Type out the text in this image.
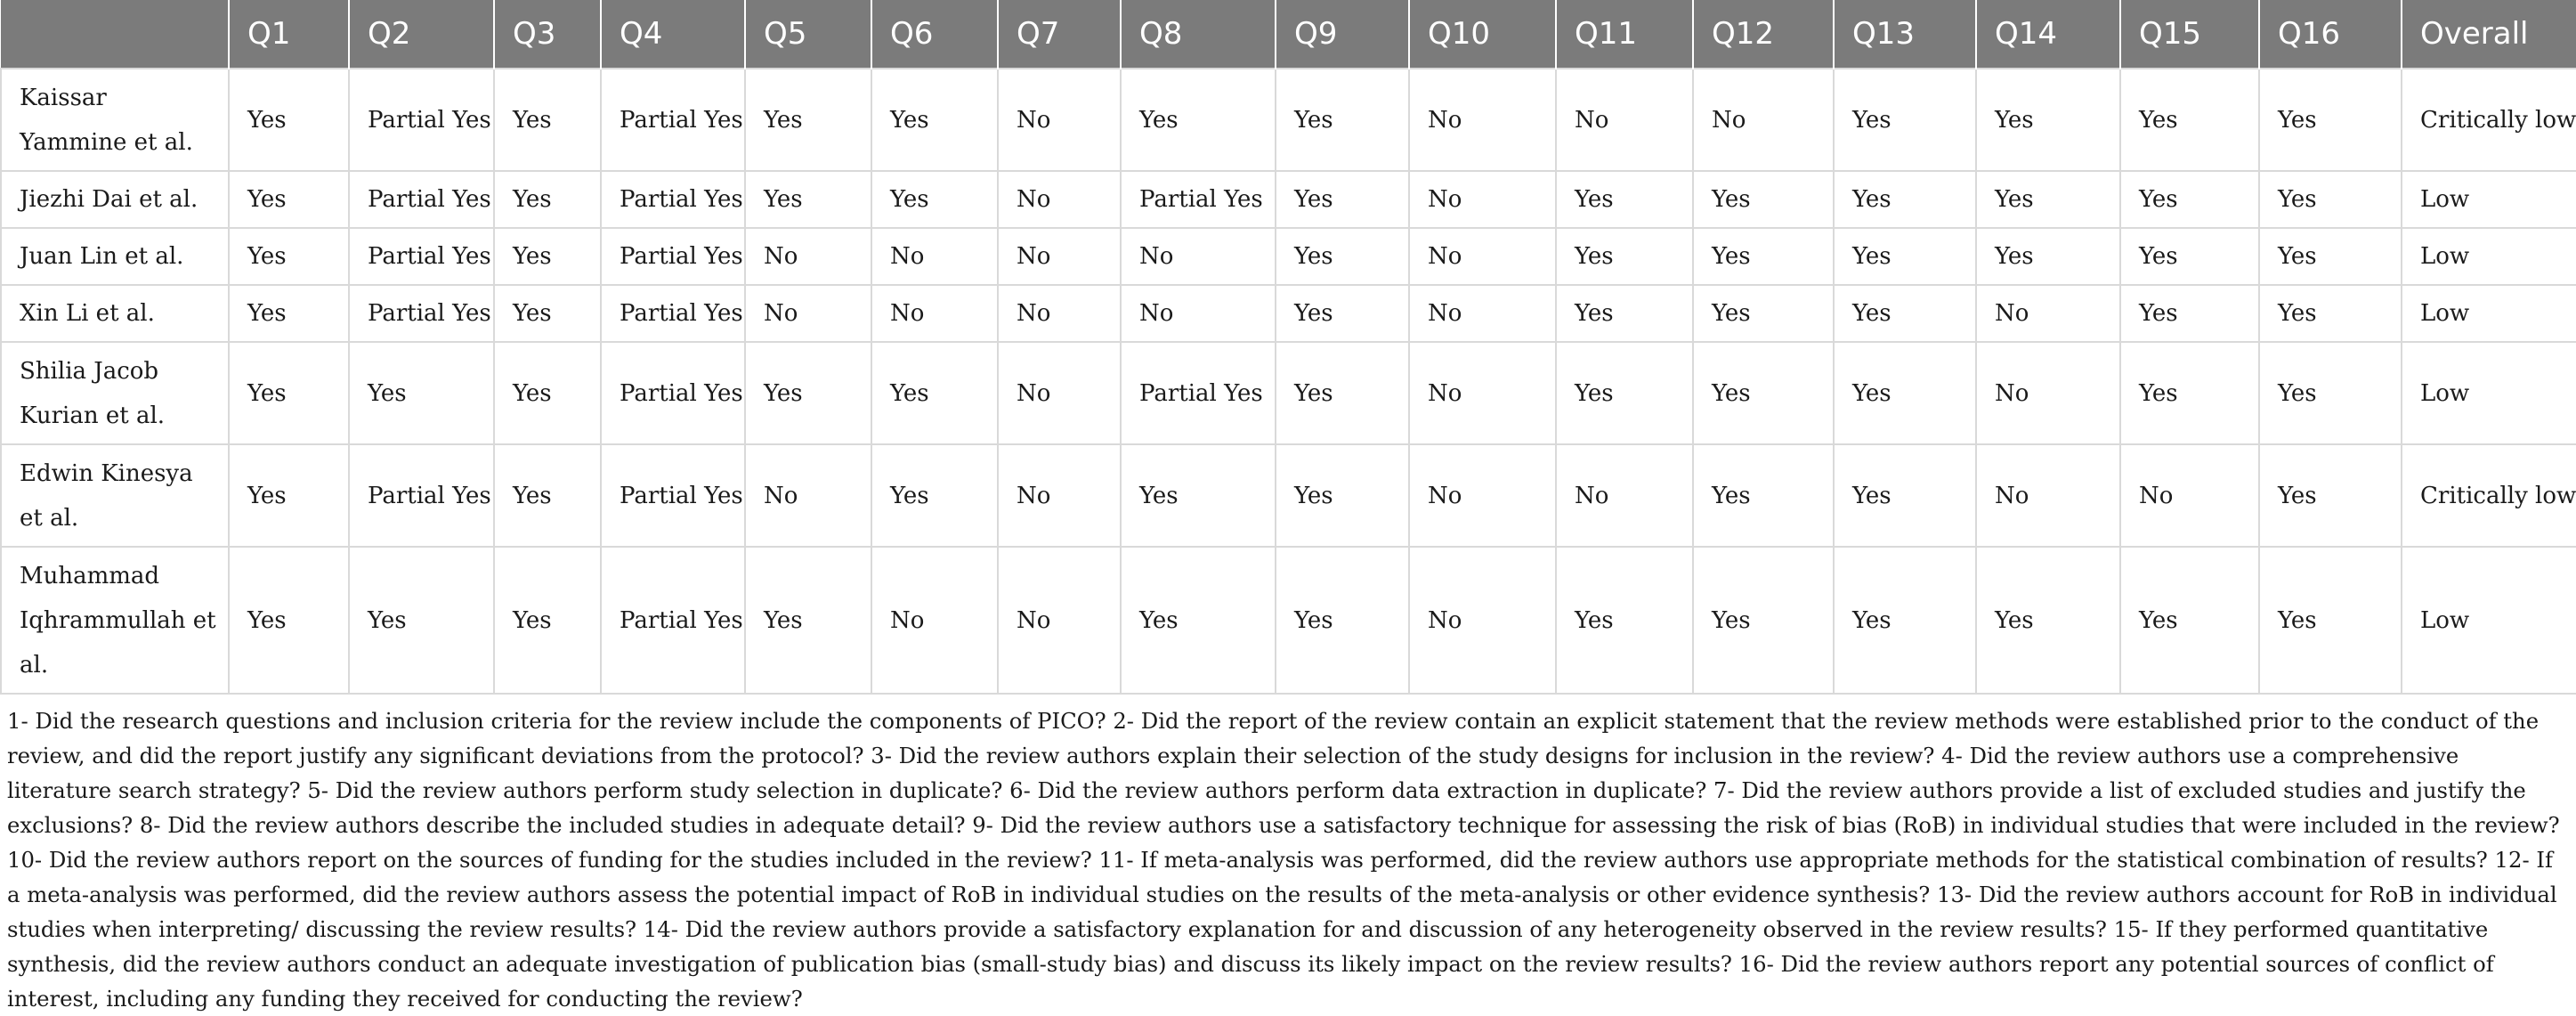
	Q1	Q2	Q3	Q4	Q5	Q6	Q7	Q8	Q9	Q10	Q11	Q12	Q13	Q14	Q15	Q16	Overall
Kaissar Yammine et al.	Yes	Partial Yes	Yes	Partial Yes	Yes	Yes	No	Yes	Yes	No	No	No	Yes	Yes	Yes	Yes	Critically low
Jiezhi Dai et al.	Yes	Partial Yes	Yes	Partial Yes	Yes	Yes	No	Partial Yes	Yes	No	Yes	Yes	Yes	Yes	Yes	Yes	Low
Juan Lin et al.	Yes	Partial Yes	Yes	Partial Yes	No	No	No	No	Yes	No	Yes	Yes	Yes	Yes	Yes	Yes	Low
Xin Li et al.	Yes	Partial Yes	Yes	Partial Yes	No	No	No	No	Yes	No	Yes	Yes	Yes	No	Yes	Yes	Low
Shilia Jacob Kurian et al.	Yes	Yes	Yes	Partial Yes	Yes	Yes	No	Partial Yes	Yes	No	Yes	Yes	Yes	No	Yes	Yes	Low
Edwin Kinesya et al.	Yes	Partial Yes	Yes	Partial Yes	No	Yes	No	Yes	Yes	No	No	Yes	Yes	No	No	Yes	Critically low
Muhammad Iqhrammullah et al.	Yes	Yes	Yes	Partial Yes	Yes	No	No	Yes	Yes	No	Yes	Yes	Yes	Yes	Yes	Yes	Low

1- Did the research questions and inclusion criteria for the review include the components of PICO? 2- Did the report of the review contain an explicit statement that the review methods were established prior to the conduct of the review, and did the report justify any significant deviations from the protocol? 3- Did the review authors explain their selection of the study designs for inclusion in the review? 4- Did the review authors use a comprehensive literature search strategy? 5- Did the review authors perform study selection in duplicate? 6- Did the review authors perform data extraction in duplicate? 7- Did the review authors provide a list of excluded studies and justify the exclusions? 8- Did the review authors describe the included studies in adequate detail? 9- Did the review authors use a satisfactory technique for assessing the risk of bias (RoB) in individual studies that were included in the review? 10- Did the review authors report on the sources of funding for the studies included in the review? 11- If meta-analysis was performed, did the review authors use appropriate methods for the statistical combination of results? 12- If a meta-analysis was performed, did the review authors assess the potential impact of RoB in individual studies on the results of the meta-analysis or other evidence synthesis? 13- Did the review authors account for RoB in individual studies when interpreting/ discussing the review results? 14- Did the review authors provide a satisfactory explanation for and discussion of any heterogeneity observed in the review results? 15- If they performed quantitative synthesis, did the review authors conduct an adequate investigation of publication bias (small-study bias) and discuss its likely impact on the review results? 16- Did the review authors report any potential sources of conflict of interest, including any funding they received for conducting the review?
